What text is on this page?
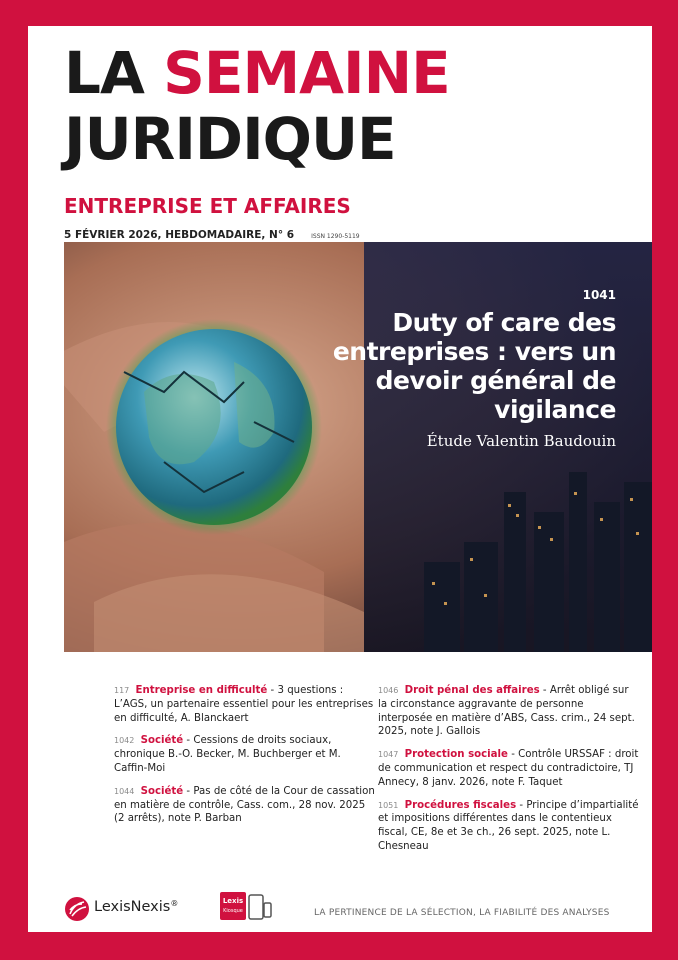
LA SEMAINE
JURIDIQUE
ENTREPRISE ET AFFAIRES
5 FÉVRIER 2026, HEBDOMADAIRE, N° 6	ISSN 1290-5119
1041
Duty of care des entreprises : vers un devoir général de vigilance
Étude Valentin Baudouin
117 Entreprise en difficulté - 3 questions : L’AGS, un partenaire essentiel pour les entreprises en difficulté, A. Blanckaert
1042 Société - Cessions de droits sociaux, chronique B.-O. Becker, M. Buchberger et M. Caffin-Moi
1044 Société - Pas de côté de la Cour de cassation en matière de contrôle, Cass. com., 28 nov. 2025 (2 arrêts), note P. Barban
1046 Droit pénal des affaires - Arrêt obligé sur la circonstance aggravante de personne interposée en matière d’ABS, Cass. crim., 24 sept. 2025, note J. Gallois
1047 Protection sociale - Contrôle URSSAF : droit de communication et respect du contradictoire, TJ Annecy, 8 janv. 2026, note F. Taquet
1051 Procédures fiscales - Principe d’impartialité et impositions différentes dans le contentieux fiscal, CE, 8e et 3e ch., 26 sept. 2025, note L. Chesneau
LexisNexis®	Lexis
Kiosque	LA PERTINENCE DE LA SÉLECTION, LA FIABILITÉ DES ANALYSES
